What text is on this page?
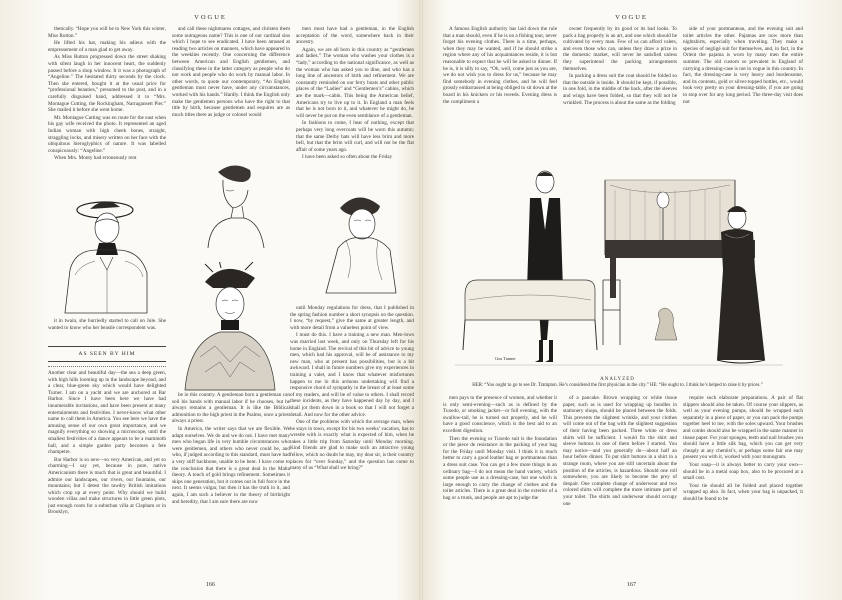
VOGUE

thetically. “Hope you will be in New York this winter, Miss Rutton.”

He lifted his hat, making his adieus with the empressement of a man glad to get away.

As Miss Rutton progressed down the street shaking with silent laugh in her innocent heart, the suddenly passed before a shop window. It it was a photograph of “Angeline.” The hesitated thirty seconds by the clock. Then she entered, bought it at the usual price for “professional beauties,” presumed to the post, and in a carefully disguised hand, addressed it to “Mrs. Montague Cutting, the Rockingham, Narragansett Pier.” She mailed it before she went home.

Mr. Montague Cutting was en route for the east when his gay wife received the photo. It represented an aged Indian woman with high cheek bones, straight, straggling locks, and misery written on her face with the ubiquitous hieroglyphics of nature. It was labelled conspicuously: “Angeline.”

When Mrs. Monty had erroneously rent

it in twain, she hurriedly started to call on Jule. She wanted to know who her beastie correspondent was.

AS SEEN BY HIM

Another clear and beautiful day—the sea a deep green, with high hills looming up in the landscape beyond, and a clear, blue-green sky which would have delighted Turner. I am on a yacht and we are anchored at Bar Harbor. Since I have been here we have had innumerable invitations, and have been present at many entertainments and festivities. I never-know what other name to call them in America. You see here we have the amusing sense of our own great importance, and we magnify everything so showing a microscope, until the smallest festivities of a dance appears to be a mammoth ball, and a simple garden party becomes a fete champetre.

Bar Harbor is so new—so very American, and yet so charming—I say yet, because in pure, native Americanism there is much that is great and beautiful. I admire our landscapes, our rivers, our fountains, our mountains; but I detest the tawdry British imitations which crop up at every point. Why should we build wooden villas and make structures in little green plots, just enough room for a suburban villa at Clapham or in Brooklyn,

and call these nightmares cottages, and christen them some outrageous name? This is one of our cardinal sins which I hope to see eradicated. I have been amused at reading two articles on manners, which have appeared in the weeklies recently. One concerning the difference between American and English gentlemen, and classifying these in the latter category as people who do not work and people who do work by manual labor. In other words, to quote our contemporary, “An English gentleman must never have, under any circumstances, worked with his hands.” Hardly. I think the English only make the gentlemen persons who have the right to that title by birth, because gentlemen and esquires are as much titles there as judge or colonel would

be in this country. A gentleman born a gentleman can soil his hands with manual labor if he chooses, but he always remains a gentleman. It is like the Biblical admonition to the high priest in the Psalms, once a priest always a priest.

In America, the writer says that we are flexible. We adapt ourselves. We do and we do not. I have met many men who began life in very humble circumstances who were gentlemen, and others who never could be, and who, if judged according to this standard, must have had a very stiff backbone, unable to be bent. I have come to the conclusion that there is a great deal in the Malta theory. A touch of gold brings refinement. Sometimes it skips one generation, but it comes out in full force in the next. It seems vulgar, but then it has the truth in it, and again, I am such a believer in the theory of birthright and heredity, that I am sure there are now

men must have had a gentleman, in the English acceptation of the word, somewhere back in their ancestry.

Again, we are all born in this country as “gentlemen and ladies.” The woman who washes your clothes is a “lady,” according to the national significance, as well as the woman who has asked you to dine, and who has a long line of ancestors of birth and refinement. We are constantly reminded on our ferry boats and other public places of the “Ladies” and “Gentlemen’s” cabins, which are the mark—cabin. This being the American belief, Americans try to live up to it. In England a man feels that he is not born to it, and whatever he might do, he will never be put on the even semblance of a gentleman.

In fashions to come, I hear of nothing, except that perhaps very long overcoats will be worn this autumn; that the same Derby hats will have less brim and more bell, but that the brim will curl, and will not be the flat affair of some years ago.

I have been asked so often about the Friday

until Monday regulations for dress, that I published in the spring fashion number a short synopsis on the question. I now, “by request,” give the same at greater length, and with more detail from a valueless point of view.

I must do this. I have a training a new man. Men-lows was married last week, and only on Thursday left for his home in England. The revival of this bit of advice to young men, which had his approval, will be of assistance to my new man, who at present has possibilities, but is a bit awkward. I shall in future numbers give my experiences in training a valet, and I know that whatever misfortunes happen to me in this arduous undertaking will find a responsive chord of sympathy in the breast of at least some of my readers, and will be of value to others. I shall record these incidents, as they have happened day by day, and I shall jot them down in a book so that I will not forget a detail. And now for the other advice.

One of the problems with which the average man, when he stays in town, except for his two weeks’ vacation, has to wrestle with is exactly what is expected of him, when he takes a little trip from Saturday until Monday morning. Kind friends are glad to make such an attractive young fellow, which no doubt he may, my dear sir, is their country places for “over Sunday,” and the question has come to many of us “What shall we bring?”

166
VOGUE

A famous English authority has laid down the rule that a man should, even if he is on a fishing tour, never forget his evening clothes. There is a time, perhaps, when they may be wanted, and if he should strike a region where any of his acquaintances reside, it is but reasonable to expect that he will be asked to dinner. If he is, it is silly to say, “Oh, well, come just as you are, we do not wish you to dress for us,” because he may find somebody in evening clothes, and he will feel grossly embarrassed at being obliged to sit down at the board in his knickers or his tweeds. Evening dress is the compliment a

owner frequently by its good or its bad looks. To pack a bag properly is an art, and one which should be cultivated by every man. Few of us can afford valets, and even those who can, unless they draw a prize in the domestic market, will never be satisfied unless they superintend the packing arrangements themselves.

In packing a dress suit the coat should be folded so that the outside is inside. It should be kept, if possible, in one fold, in the middle of the back, after the sleeves and wings have been folded, so that they will not be wrinkled. The process is about the same as the folding

side of your portmanteau, and the evening suit and toilet articles the other. Pajamas are now more than nightshirts, especially when traveling. They make a species of negligé suit for themselves, and, in fact, in the Orient the pajama is worn by many men the entire summer. The old custom so prevalent in England of carrying a dressing-case is not in vogue in this country. In fact, the dressing-case is very heavy and burdensome, and its contents, gold or silver-topped bottles, etc., would look very pretty on your dressing-table, if you are going to stop over for any long period. The three-day visit does not

Gus Tanner
ANALYZED
HER: “You ought to go to see Dr. Trampton. He’s considered the first physician in the city.” HE: “He ought to. I think he’s helped to raise it by prices.”

men pays to the presence of women, and whether it is only semi-evening—such as is defined by the Tuxedo, or smoking jacket—or full evening, with the swallow-tail, he is turned out properly, and he will have a good conscience, which is the best aid to an excellent digestion.

Then the evening or Tuxedo suit is the foundation or the piece de resistance in the packing of your bag for the Friday until Monday visit. I think it is much better to carry a good leather bag or portmanteau than a dress suit case. You can get a few more things in an ordinary bag—I do not mean the hand variety, which some people use as a dressing-case, but one which is large enough to carry the change of clothes and the toilet articles. There is a great deal in the exterior of a bag or a trunk, and people are apt to judge the

of a pancake. Brown wrapping or white tissue paper, such as is used for wrapping up bundles in stationery shops, should be placed between the folds. This prevents the slightest wrinkle, and your clothes will come out of the bag with the slightest suggestion of their having been packed. Three white or dress shirts will be sufficient. I would fix the shirt and sleeve buttons in one of them before I started. You may notice—and you generally do—about half an hour before dinner. To put shirt buttons in a shirt in a strange room, where you are still uncertain about the position of the articles, is hazardous. Should one roll somewhere, you are likely to become the prey of despair. One complete change of underwear and two colored shirts will complete the more intimate part of your toilet. The shirts and underwear should occupy one

require such elaborate preparations. A pair of flat slippers should also be taken. Of course your slippers, as well as your evening pumps, should be wrapped each separately in a piece of paper, or you can pack the pumps together heel to toe, with the soles upward. Your brushes and combs should also be wrapped in the same manner in tissue paper. For your sponges, teeth and nail brushes you should have a little silk bag, which you can get very cheaply at any chemist’s, or perhaps some fair one may present you with it, worked with your monogram.

Your soap—it is always better to carry your own—should be in a metal soap box, also to be procured at a small cost.

Your tie should all be folded and placed together wrapped up also. In fact, when your bag is unpacked, it should be found to be

167
